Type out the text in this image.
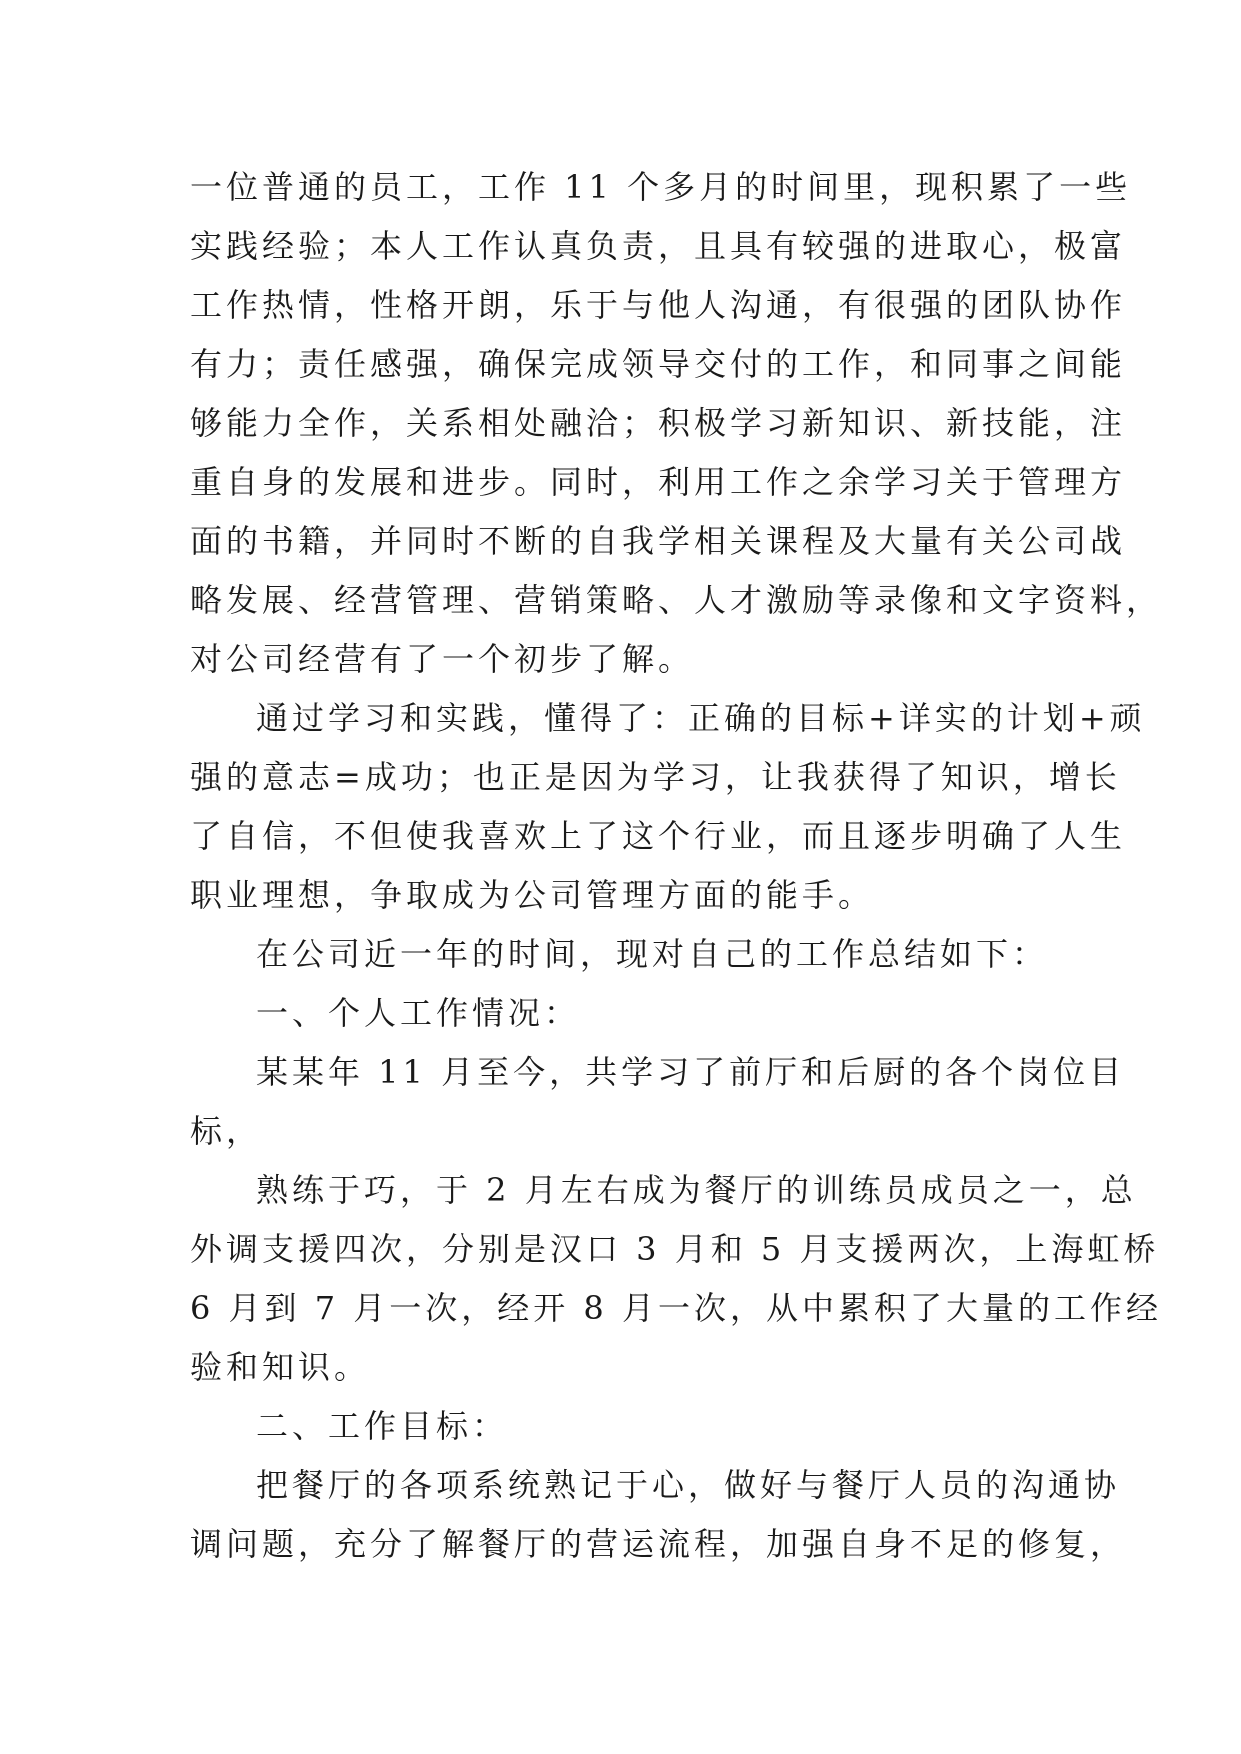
一位普通的员工，工作 11 个多月的时间里，现积累了一些
实践经验；本人工作认真负责，且具有较强的进取心，极富
工作热情，性格开朗，乐于与他人沟通，有很强的团队协作
有力；责任感强，确保完成领导交付的工作，和同事之间能
够能力全作，关系相处融洽；积极学习新知识、新技能，注
重自身的发展和进步。同时，利用工作之余学习关于管理方
面的书籍，并同时不断的自我学相关课程及大量有关公司战
略发展、经营管理、营销策略、人才激励等录像和文字资料，
对公司经营有了一个初步了解。
通过学习和实践，懂得了：正确的目标+详实的计划+顽
强的意志=成功；也正是因为学习，让我获得了知识，增长
了自信，不但使我喜欢上了这个行业，而且逐步明确了人生
职业理想，争取成为公司管理方面的能手。
在公司近一年的时间，现对自己的工作总结如下：
一、个人工作情况：
某某年 11 月至今，共学习了前厅和后厨的各个岗位目
标，
熟练于巧，于 2 月左右成为餐厅的训练员成员之一，总
外调支援四次，分别是汉口 3 月和 5 月支援两次，上海虹桥
6 月到 7 月一次，经开 8 月一次，从中累积了大量的工作经
验和知识。
二、工作目标：
把餐厅的各项系统熟记于心，做好与餐厅人员的沟通协
调问题，充分了解餐厅的营运流程，加强自身不足的修复，
